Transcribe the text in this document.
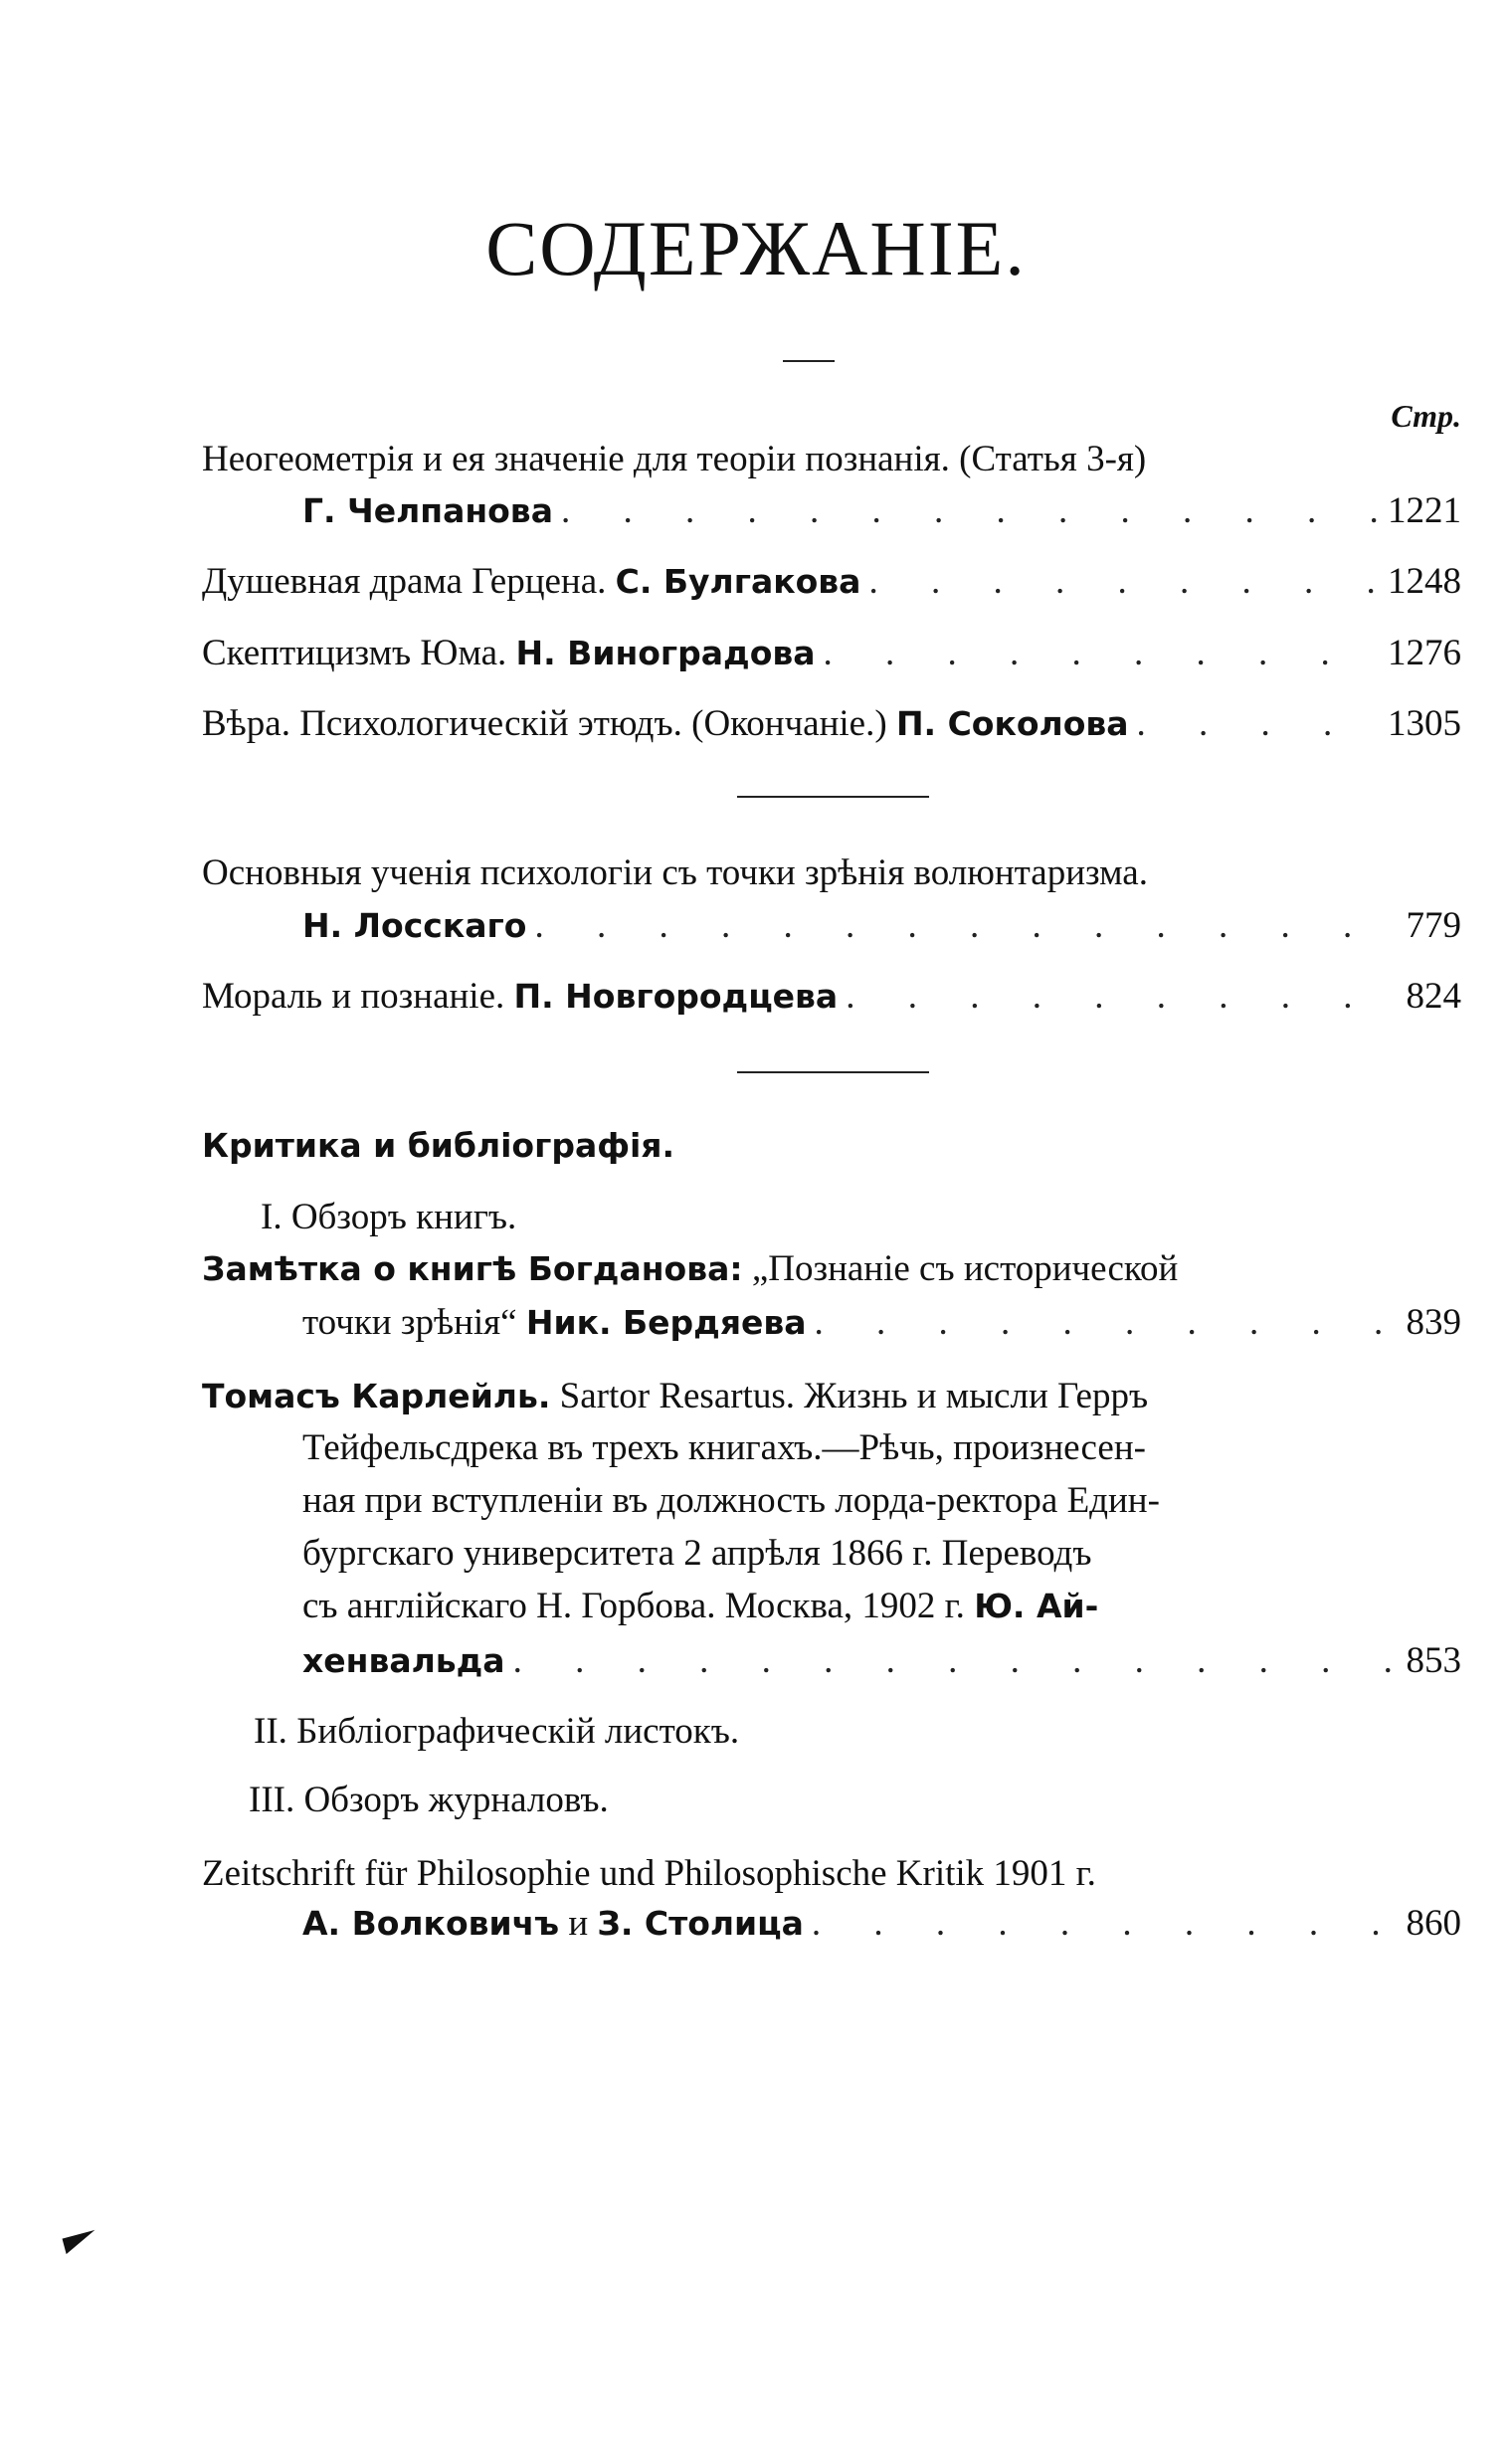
СОДЕРЖАНІЕ.
Стр.
Неогеометрія и ея значеніе для теоріи познанія. (Статья 3-я)
Г. Челпанова . . .	1221
Душевная драма Герцена.
С. Булгакова . . .	1248
Скептицизмъ Юма.
Н. Виноградова . . .	1276
Вѣра. Психологическій этюдъ. (Окончаніе.)
П. Соколова . . .	1305
Основныя ученія психологіи съ точки зрѣнія волюнтаризма.
Н. Лосскаго . . .	779
Мораль и познаніе.
П. Новгородцева . . .	824
Критика и библіографія.
I. Обзоръ книгъ.
Замѣтка о книгѣ Богданова: „Познаніе съ исторической
точки зрѣнія“
Ник. Бердяева . . .	839
Томасъ Карлейль. Sartor Resartus. Жизнь и мысли Герръ
Тейфельсдрека въ трехъ книгахъ.—Рѣчь, произнесен-
ная при вступленіи въ должность лорда-ректора Един-
бургскаго университета 2 апрѣля 1866 г. Переводъ
съ англійскаго Н. Горбова. Москва, 1902 г. Ю. Ай-
хенвальда . . .	853
II. Библіографическій листокъ.
III. Обзоръ журналовъ.
Zeitschrift für Philosophie und Philosophische Kritik 1901 г.
А. Волковичъ
и
З. Столица . . .	860
